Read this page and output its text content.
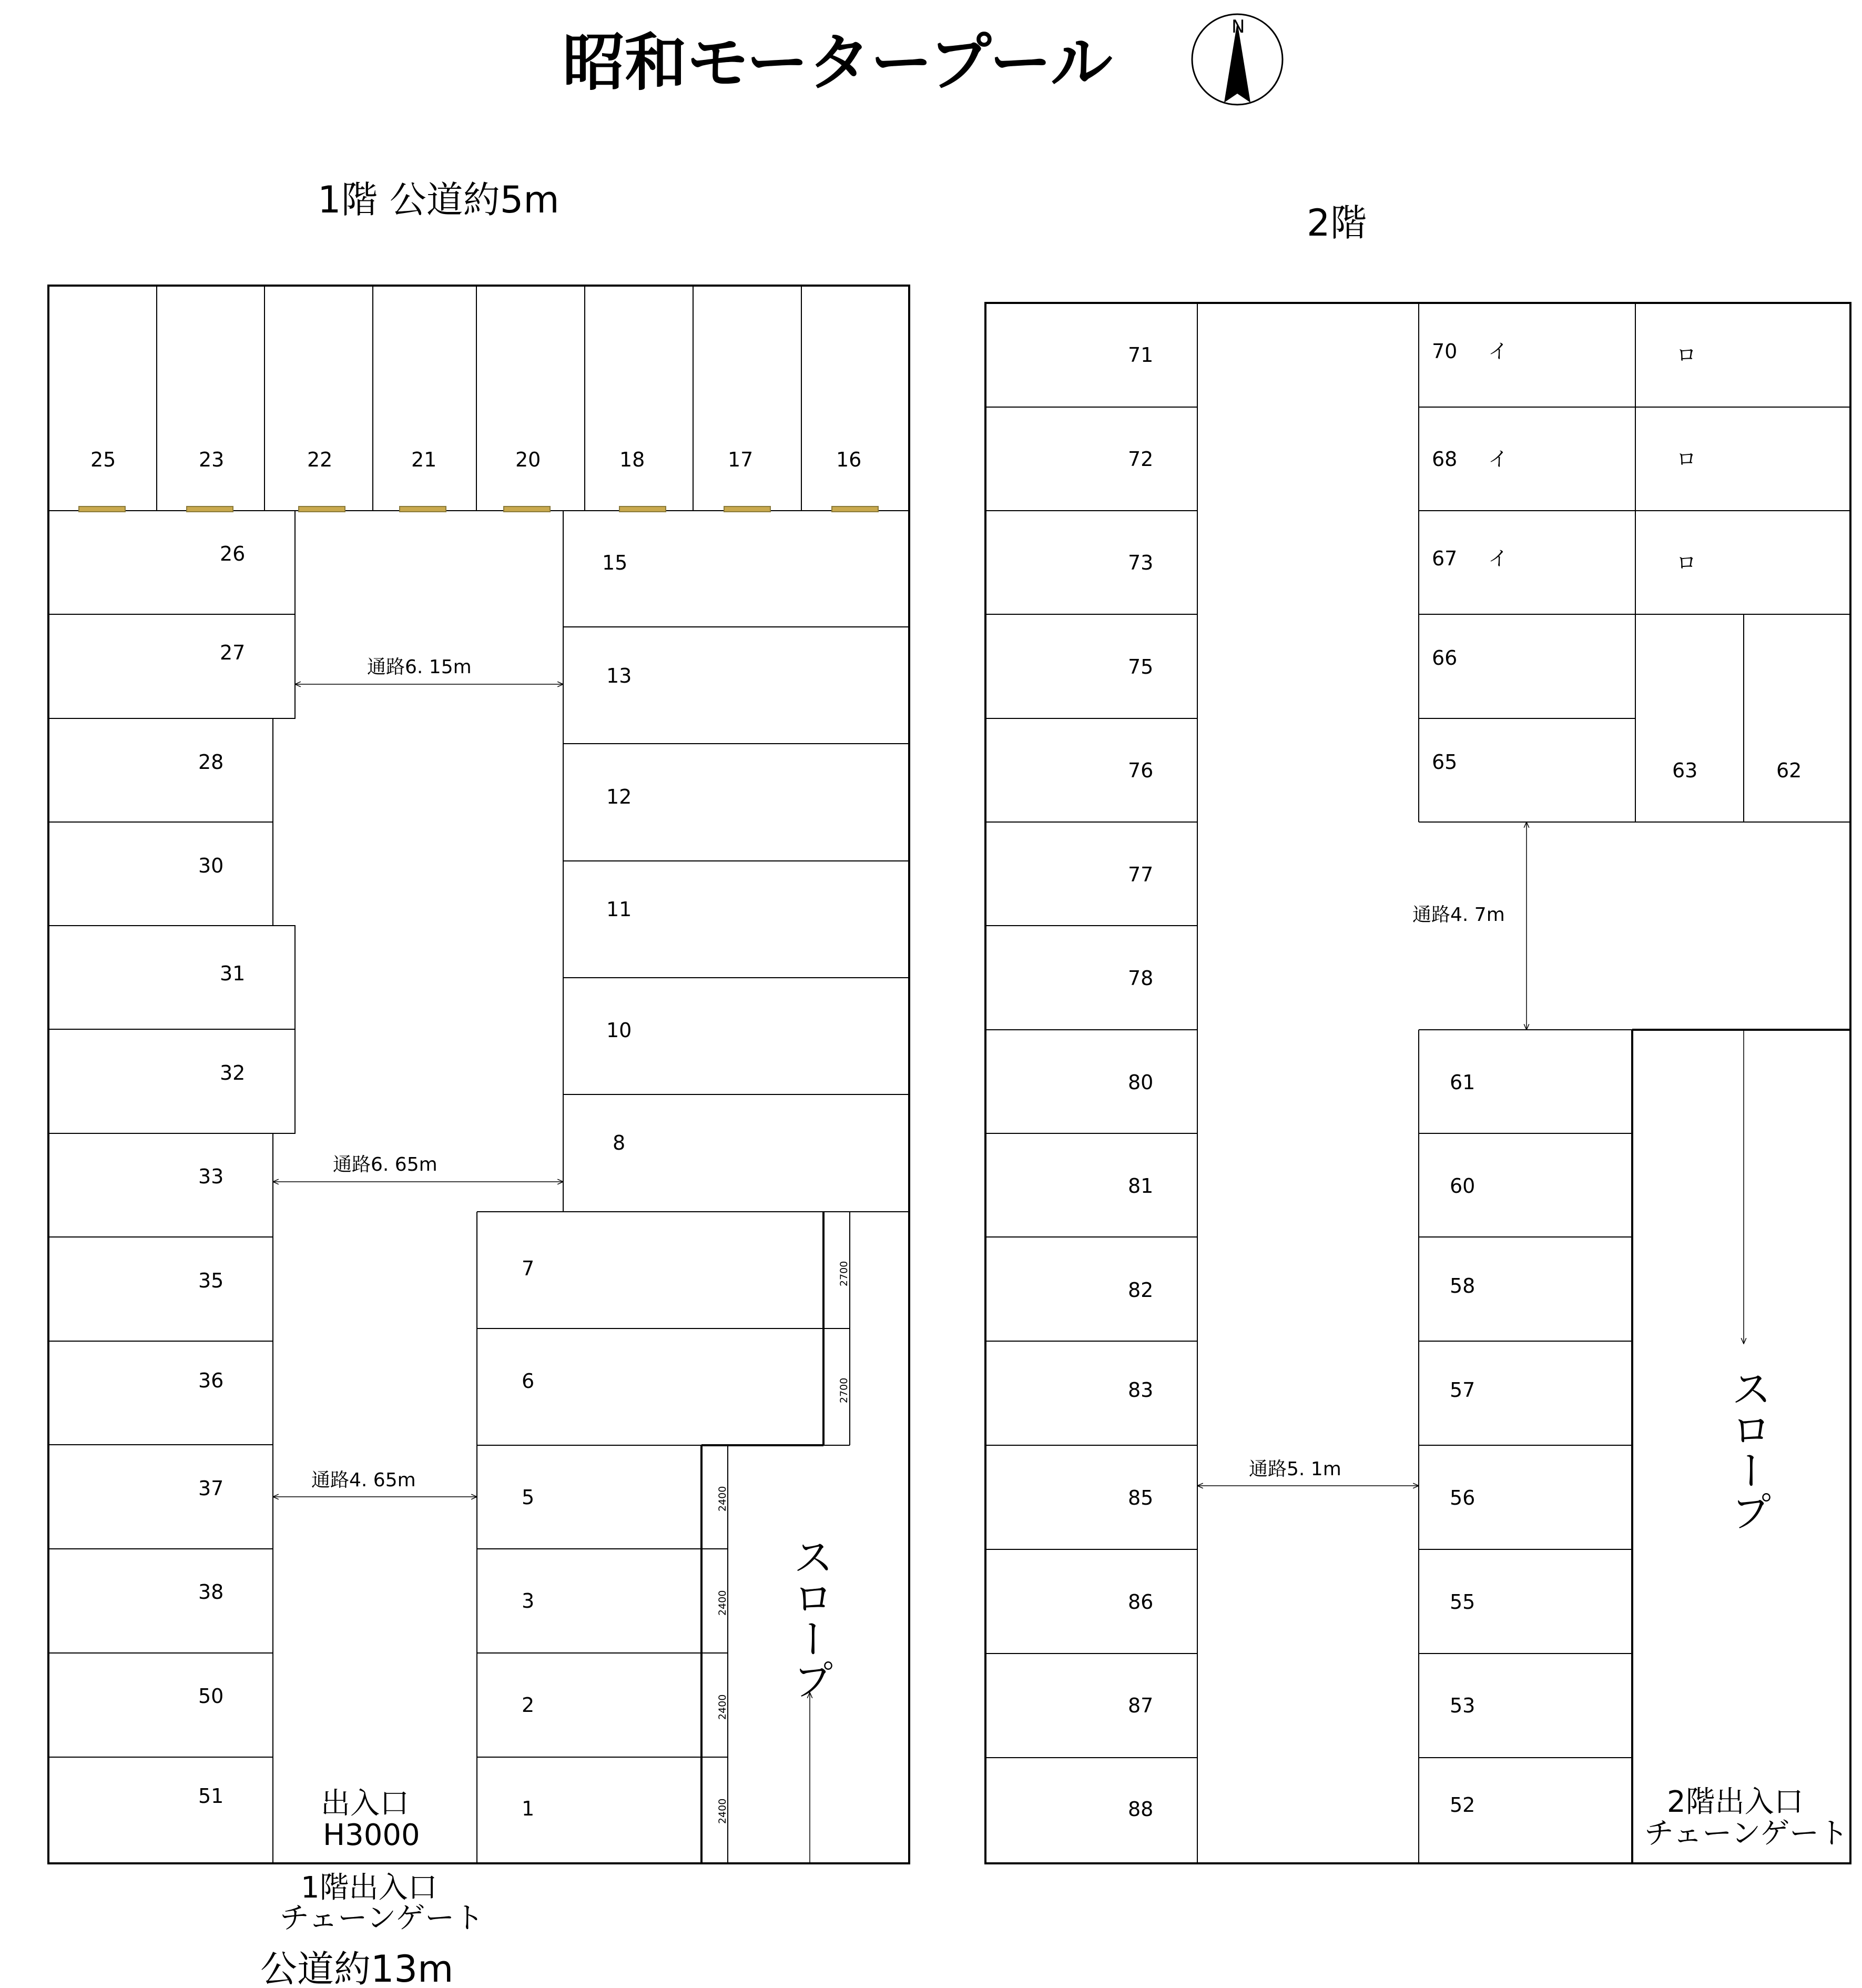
昭和モータープール	N
1階 公道約5m
25	23	22	21	20	18	17	16
26
27
28
30
31
32
33
35
36
37
38
50
51
15
13
12
11
10
8
7
6
5
3
2
1
通路6. 15m
通路6. 65m
通路4. 65m
2700
2700
2400
2400
2400
2400
スロープ
出入口
H3000
1階出入口
チェーンゲート
公道約13m
2階
71
72
73
75
76
77
78
80
81
82
83
85
86
87
88
70 イ	ロ
68 イ	ロ
67 イ	ロ
66
65	63	62
61
60
58
57
56
55
53
52
通路4. 7m
通路5. 1m	スロープ
2階出入口
チェーンゲート
